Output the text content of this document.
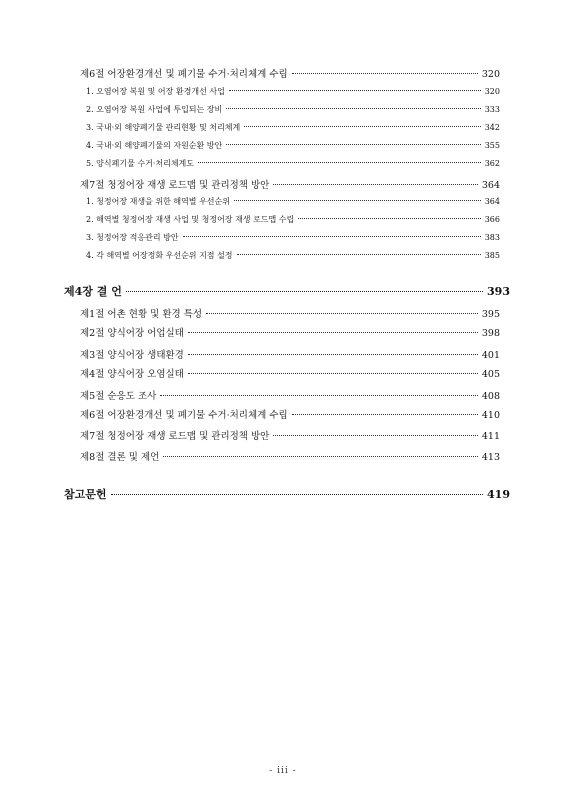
제6절 어장환경개선 및 폐기물 수거·처리체계 수립	320
1. 오염어장 복원 및 어장 환경개선 사업	320
2. 오염어장 복원 사업에 투입되는 장비	333
3. 국내·외 해양폐기물 관리현황 및 처리체계	342
4. 국내·외 해양폐기물의 자원순환 방안	355
5. 양식폐기물 수거·처리체계도	362
제7절 청정어장 재생 로드맵 및 관리정책 방안	364
1. 청정어장 재생을 위한 해역별 우선순위	364
2. 해역별 청정어장 재생 사업 및 청정어장 재생 로드맵 수립	366
3. 청정어장 적응관리 방안	383
4. 각 해역별 어장정화 우선순위 지점 설정	385
제4장 결 언	393
제1절 어촌 현황 및 환경 특성	395
제2절 양식어장 어업실태	398
제3절 양식어장 생태환경	401
제4절 양식어장 오염실태	405
제5절 순응도 조사	408
제6절 어장환경개선 및 폐기물 수거·처리체계 수립	410
제7절 청정어장 재생 로드맵 및 관리정책 방안	411
제8절 결론 및 제언	413
참고문헌	419
- iii -
